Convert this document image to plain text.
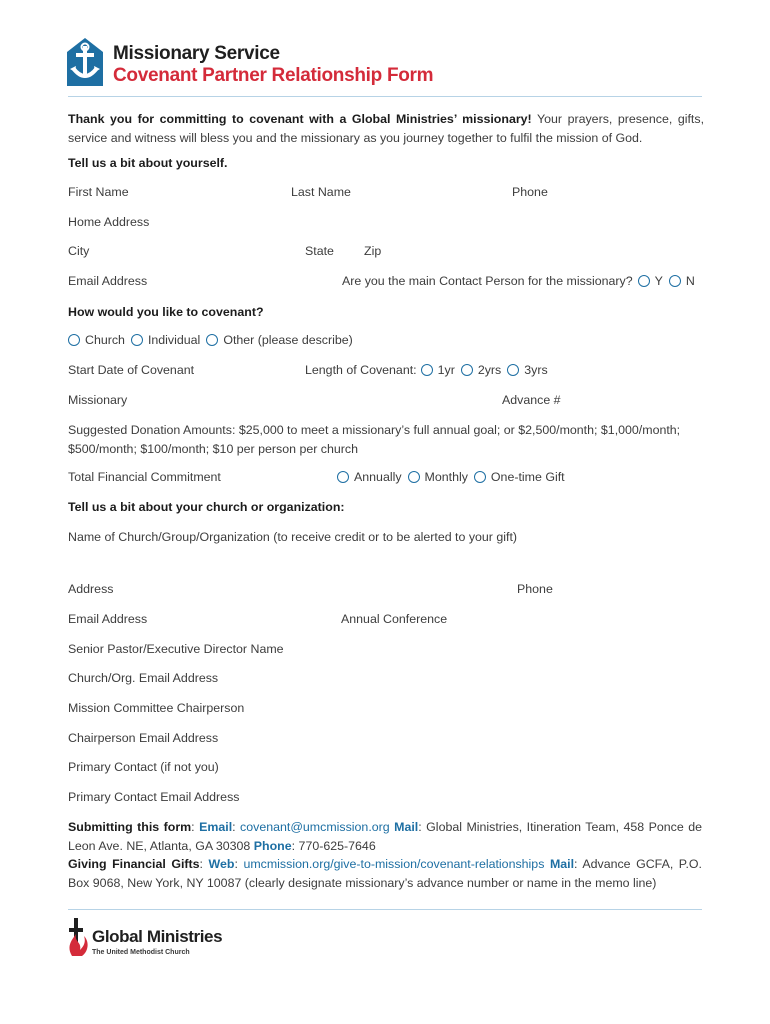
Missionary Service
Covenant Partner Relationship Form
Thank you for committing to covenant with a Global Ministries’ missionary! Your prayers, presence, gifts, service and witness will bless you and the missionary as you journey together to fulfil the mission of God.
Tell us a bit about yourself.
First Name	Last Name	Phone
Home Address
City	State Zip
Email Address	Are you the main Contact Person for the missionary? Y N
How would you like to covenant?
Church Individual Other (please describe)
Start Date of Covenant	Length of Covenant: 1yr 2yrs 3yrs
Missionary	Advance #
Suggested Donation Amounts: $25,000 to meet a missionary’s full annual goal; or $2,500/month; $1,000/month; $500/month; $100/month; $10 per person per church
Total Financial Commitment	Annually Monthly One-time Gift
Tell us a bit about your church or organization:
Name of Church/Group/Organization (to receive credit or to be alerted to your gift)
Address	Phone
Email Address	Annual Conference
Senior Pastor/Executive Director Name
Church/Org. Email Address
Mission Committee Chairperson
Chairperson Email Address
Primary Contact (if not you)
Primary Contact Email Address
Submitting this form: Email: covenant@umcmission.org Mail: Global Ministries, Itineration Team, 458 Ponce de Leon Ave. NE, Atlanta, GA 30308 Phone: 770-625-7646
Giving Financial Gifts: Web: umcmission.org/give-to-mission/covenant-relationships Mail: Advance GCFA, P.O. Box 9068, New York, NY 10087 (clearly designate missionary’s advance number or name in the memo line)
Global Ministries
The United Methodist Church
